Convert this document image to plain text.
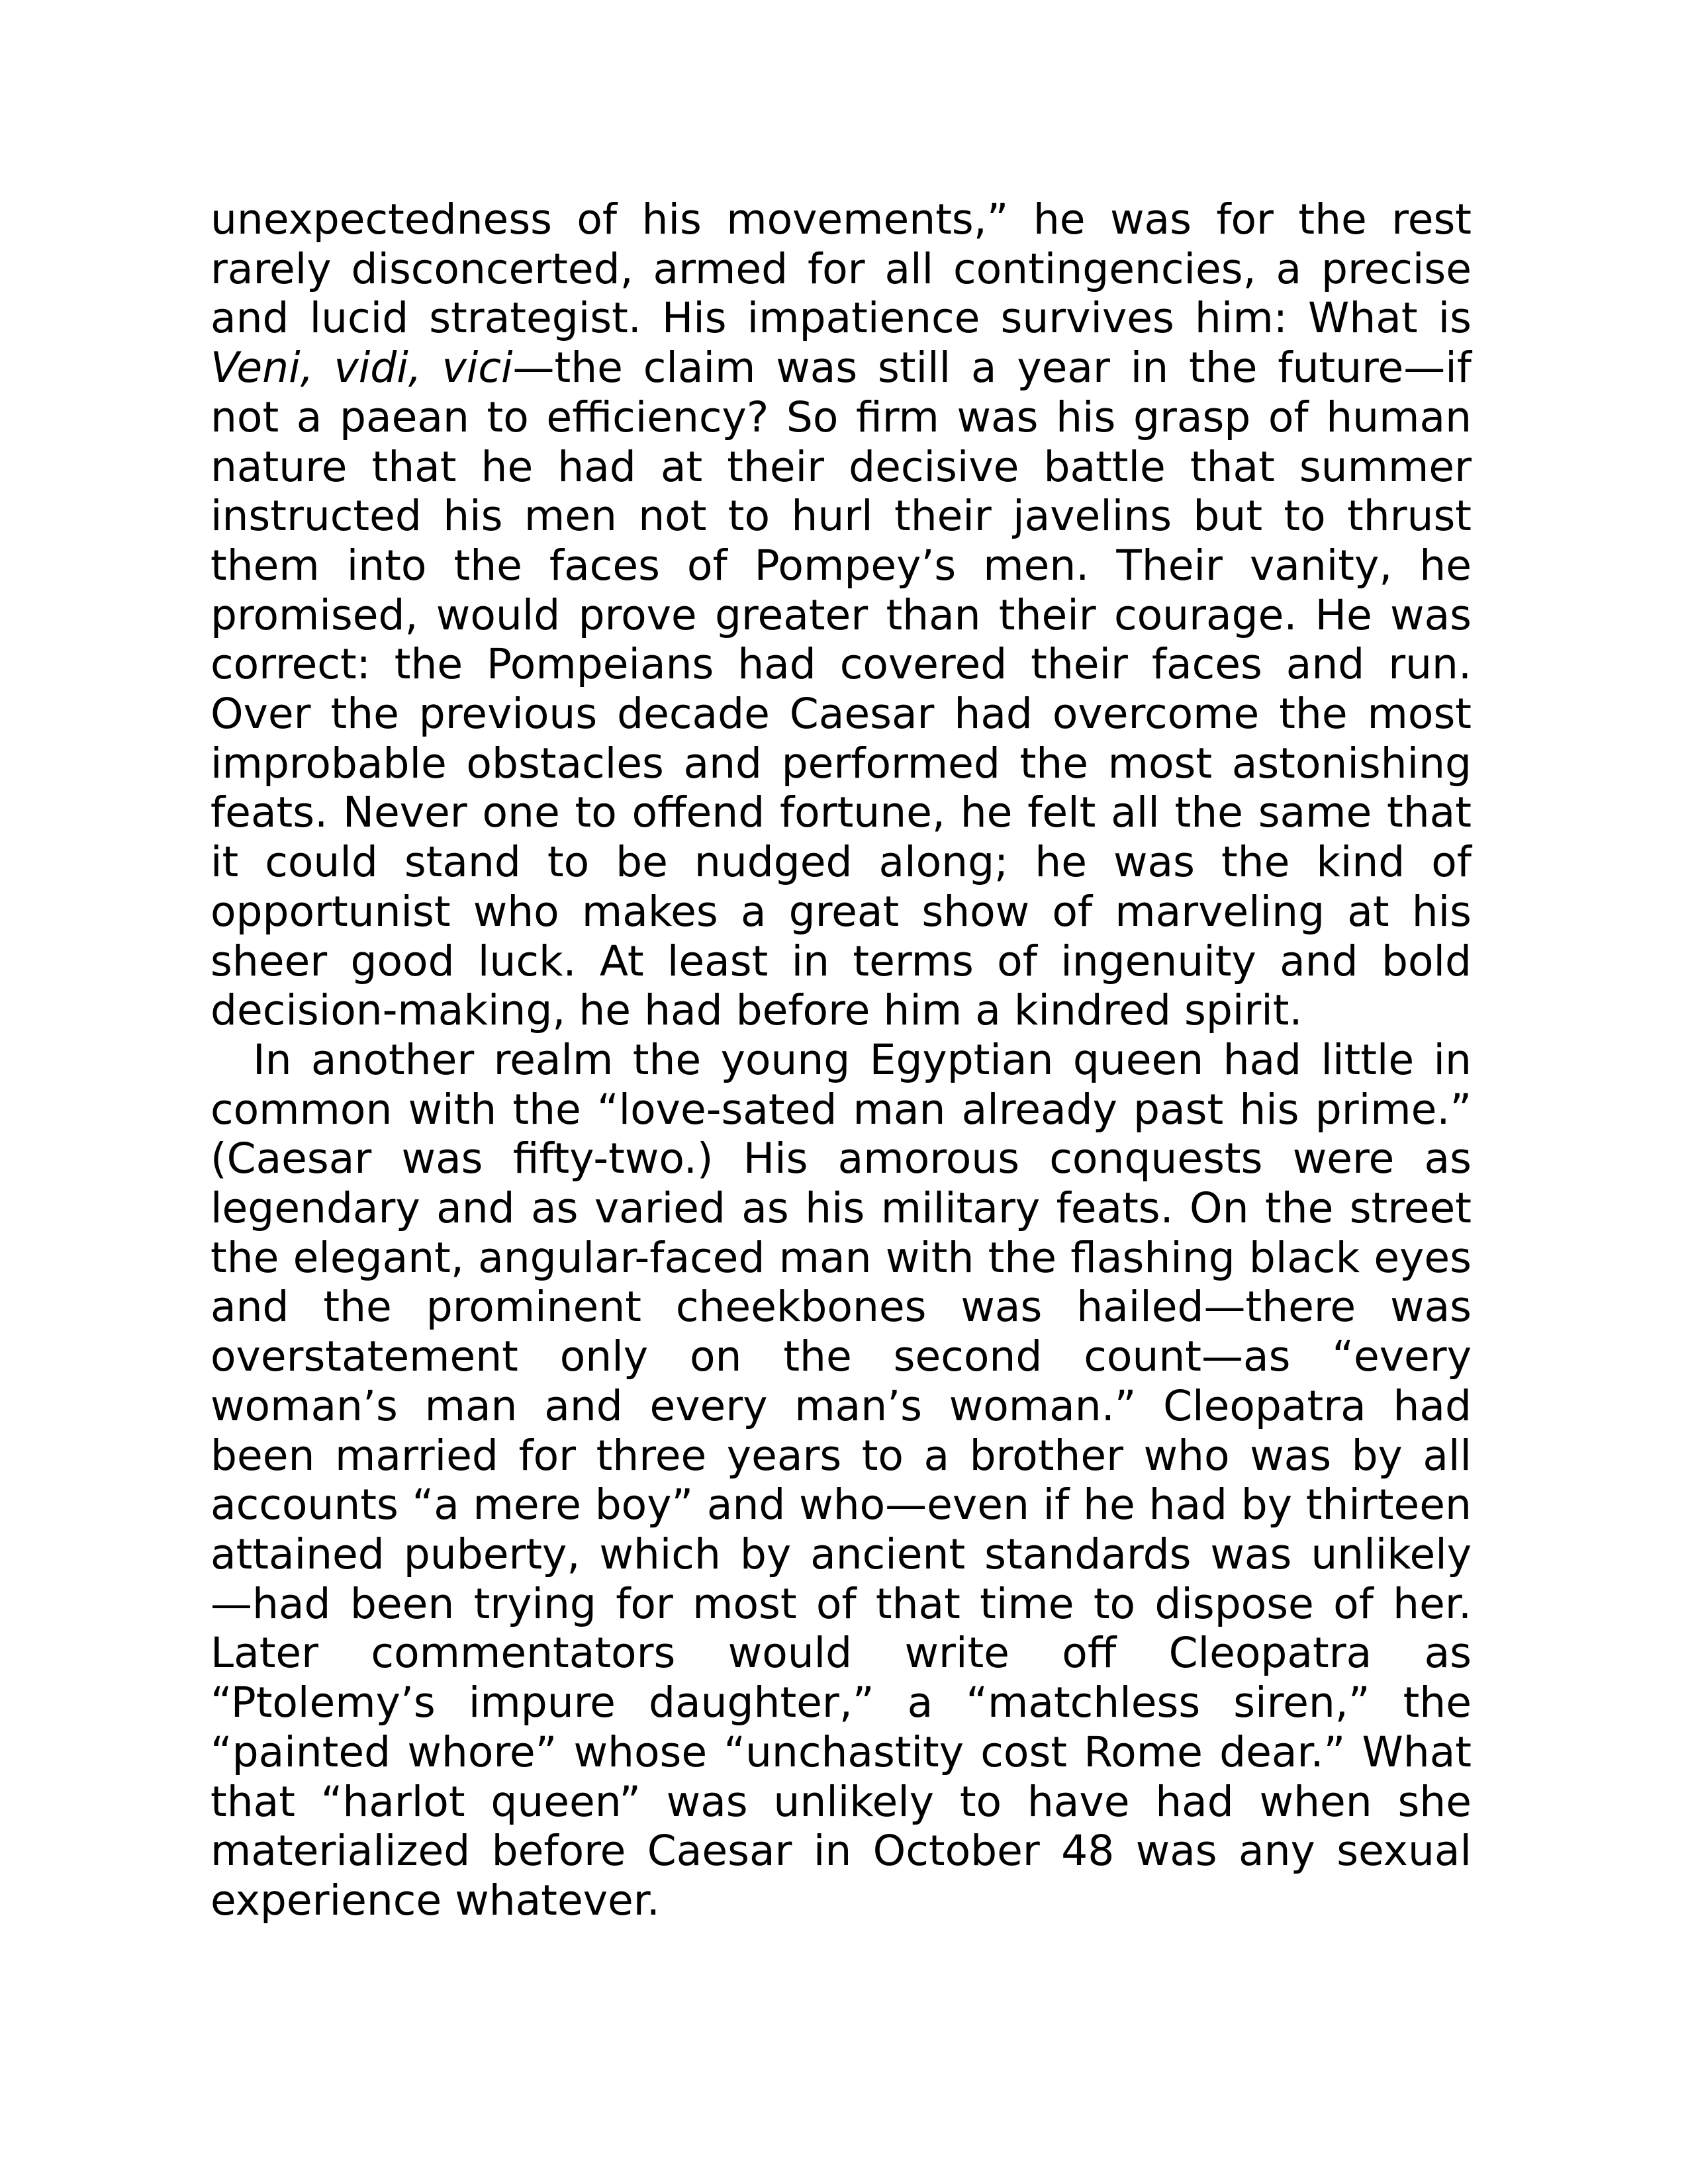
unexpectedness of his movements,” he was for the rest rarely disconcerted, armed for all contingencies, a precise and lucid strategist. His impatience survives him: What is Veni, vidi, vici—the claim was still a year in the future—if not a paean to efficiency? So firm was his grasp of human nature that he had at their decisive battle that summer instructed his men not to hurl their javelins but to thrust them into the faces of Pompey’s men. Their vanity, he promised, would prove greater than their courage. He was correct: the Pompeians had covered their faces and run. Over the previous decade Caesar had overcome the most improbable obstacles and performed the most astonishing feats. Never one to offend fortune, he felt all the same that it could stand to be nudged along; he was the kind of opportunist who makes a great show of marveling at his sheer good luck. At least in terms of ingenuity and bold decision-making, he had before him a kindred spirit.

In another realm the young Egyptian queen had little in common with the “love-sated man already past his prime.” (Caesar was fifty-two.) His amorous conquests were as legendary and as varied as his military feats. On the street the elegant, angular-faced man with the flashing black eyes and the prominent cheekbones was hailed—there was overstatement only on the second count—as “every woman’s man and every man’s woman.” Cleopatra had been married for three years to a brother who was by all accounts “a mere boy” and who—even if he had by thirteen attained puberty, which by ancient standards was unlikely—had been trying for most of that time to dispose of her. Later commentators would write off Cleopatra as “Ptolemy’s impure daughter,” a “matchless siren,” the “painted whore” whose “unchastity cost Rome dear.” What that “harlot queen” was unlikely to have had when she materialized before Caesar in October 48 was any sexual experience whatever.
